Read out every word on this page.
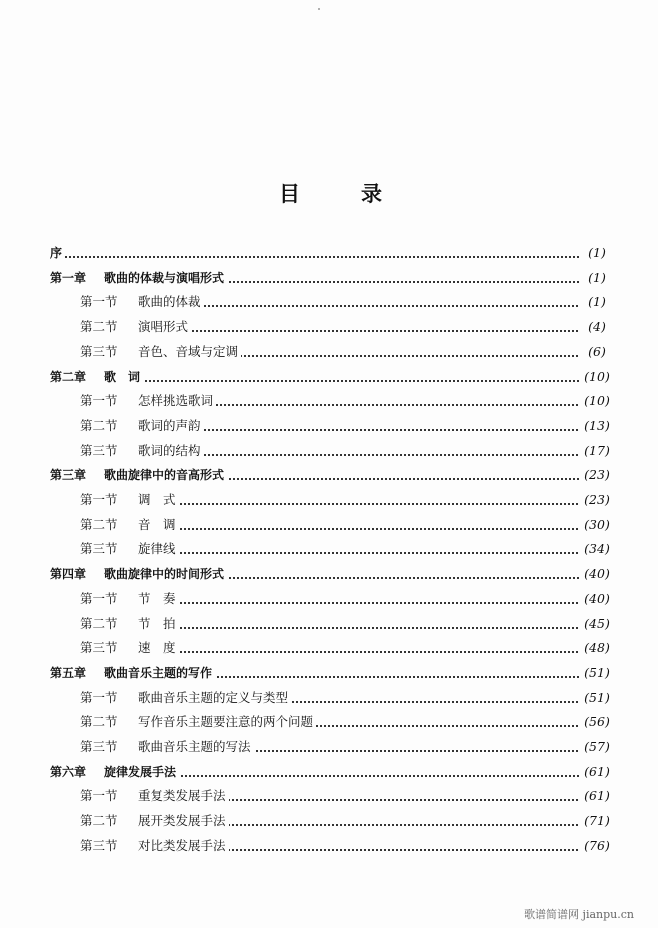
目	录
序	(1)
第一章 歌曲的体裁与演唱形式	(1)
第一节 歌曲的体裁	(1)
第二节 演唱形式	(4)
第三节 音色、音域与定调	(6)
第二章 歌　词	(10)
第一节 怎样挑选歌词	(10)
第二节 歌词的声韵	(13)
第三节 歌词的结构	(17)
第三章 歌曲旋律中的音高形式	(23)
第一节 调　式	(23)
第二节 音　调	(30)
第三节 旋律线	(34)
第四章 歌曲旋律中的时间形式	(40)
第一节 节　奏	(40)
第二节 节　拍	(45)
第三节 速　度	(48)
第五章 歌曲音乐主题的写作	(51)
第一节 歌曲音乐主题的定义与类型	(51)
第二节 写作音乐主题要注意的两个问题	(56)
第三节 歌曲音乐主题的写法	(57)
第六章 旋律发展手法	(61)
第一节 重复类发展手法	(61)
第二节 展开类发展手法	(71)
第三节 对比类发展手法	(76)
歌谱简谱网 jianpu.cn
